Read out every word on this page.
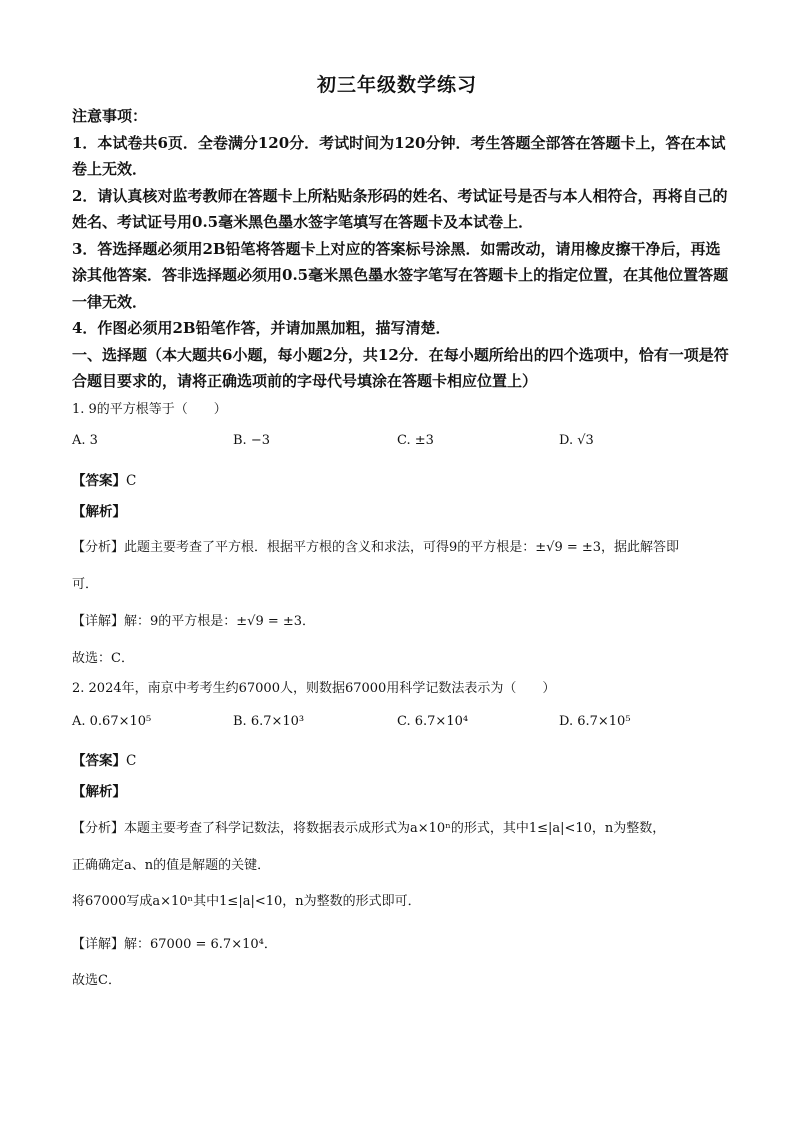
初三年级数学练习

注意事项：

1．本试卷共6页．全卷满分120分．考试时间为120分钟．考生答题全部答在答题卡上，答在本试卷上无效．

2．请认真核对监考教师在答题卡上所粘贴条形码的姓名、考试证号是否与本人相符合，再将自己的姓名、考试证号用0.5毫米黑色墨水签字笔填写在答题卡及本试卷上．

3．答选择题必须用2B铅笔将答题卡上对应的答案标号涂黑．如需改动，请用橡皮擦干净后，再选涂其他答案．答非选择题必须用0.5毫米黑色墨水签字笔写在答题卡上的指定位置，在其他位置答题一律无效．

4．作图必须用2B铅笔作答，并请加黑加粗，描写清楚．

一、选择题（本大题共6小题，每小题2分，共12分．在每小题所给出的四个选项中，恰有一项是符合题目要求的，请将正确选项前的字母代号填涂在答题卡相应位置上）

1. 9的平方根等于（　　）
A. 3	B. −3	C. ±3	D. √3
【答案】C
【解析】
【分析】此题主要考查了平方根．根据平方根的含义和求法，可得9的平方根是：±√9 = ±3，据此解答即
可．
【详解】解：9的平方根是：±√9 = ±3．
故选：C．
2. 2024年，南京中考考生约67000人，则数据67000用科学记数法表示为（　　）
A. 0.67×10⁵	B. 6.7×10³	C. 6.7×10⁴	D. 6.7×10⁵
【答案】C
【解析】
【分析】本题主要考查了科学记数法，将数据表示成形式为a×10ⁿ的形式，其中1≤|a|<10，n为整数，
正确确定a、n的值是解题的关键．
将67000写成a×10ⁿ其中1≤|a|<10，n为整数的形式即可．
【详解】解：67000 = 6.7×10⁴．
故选C．
